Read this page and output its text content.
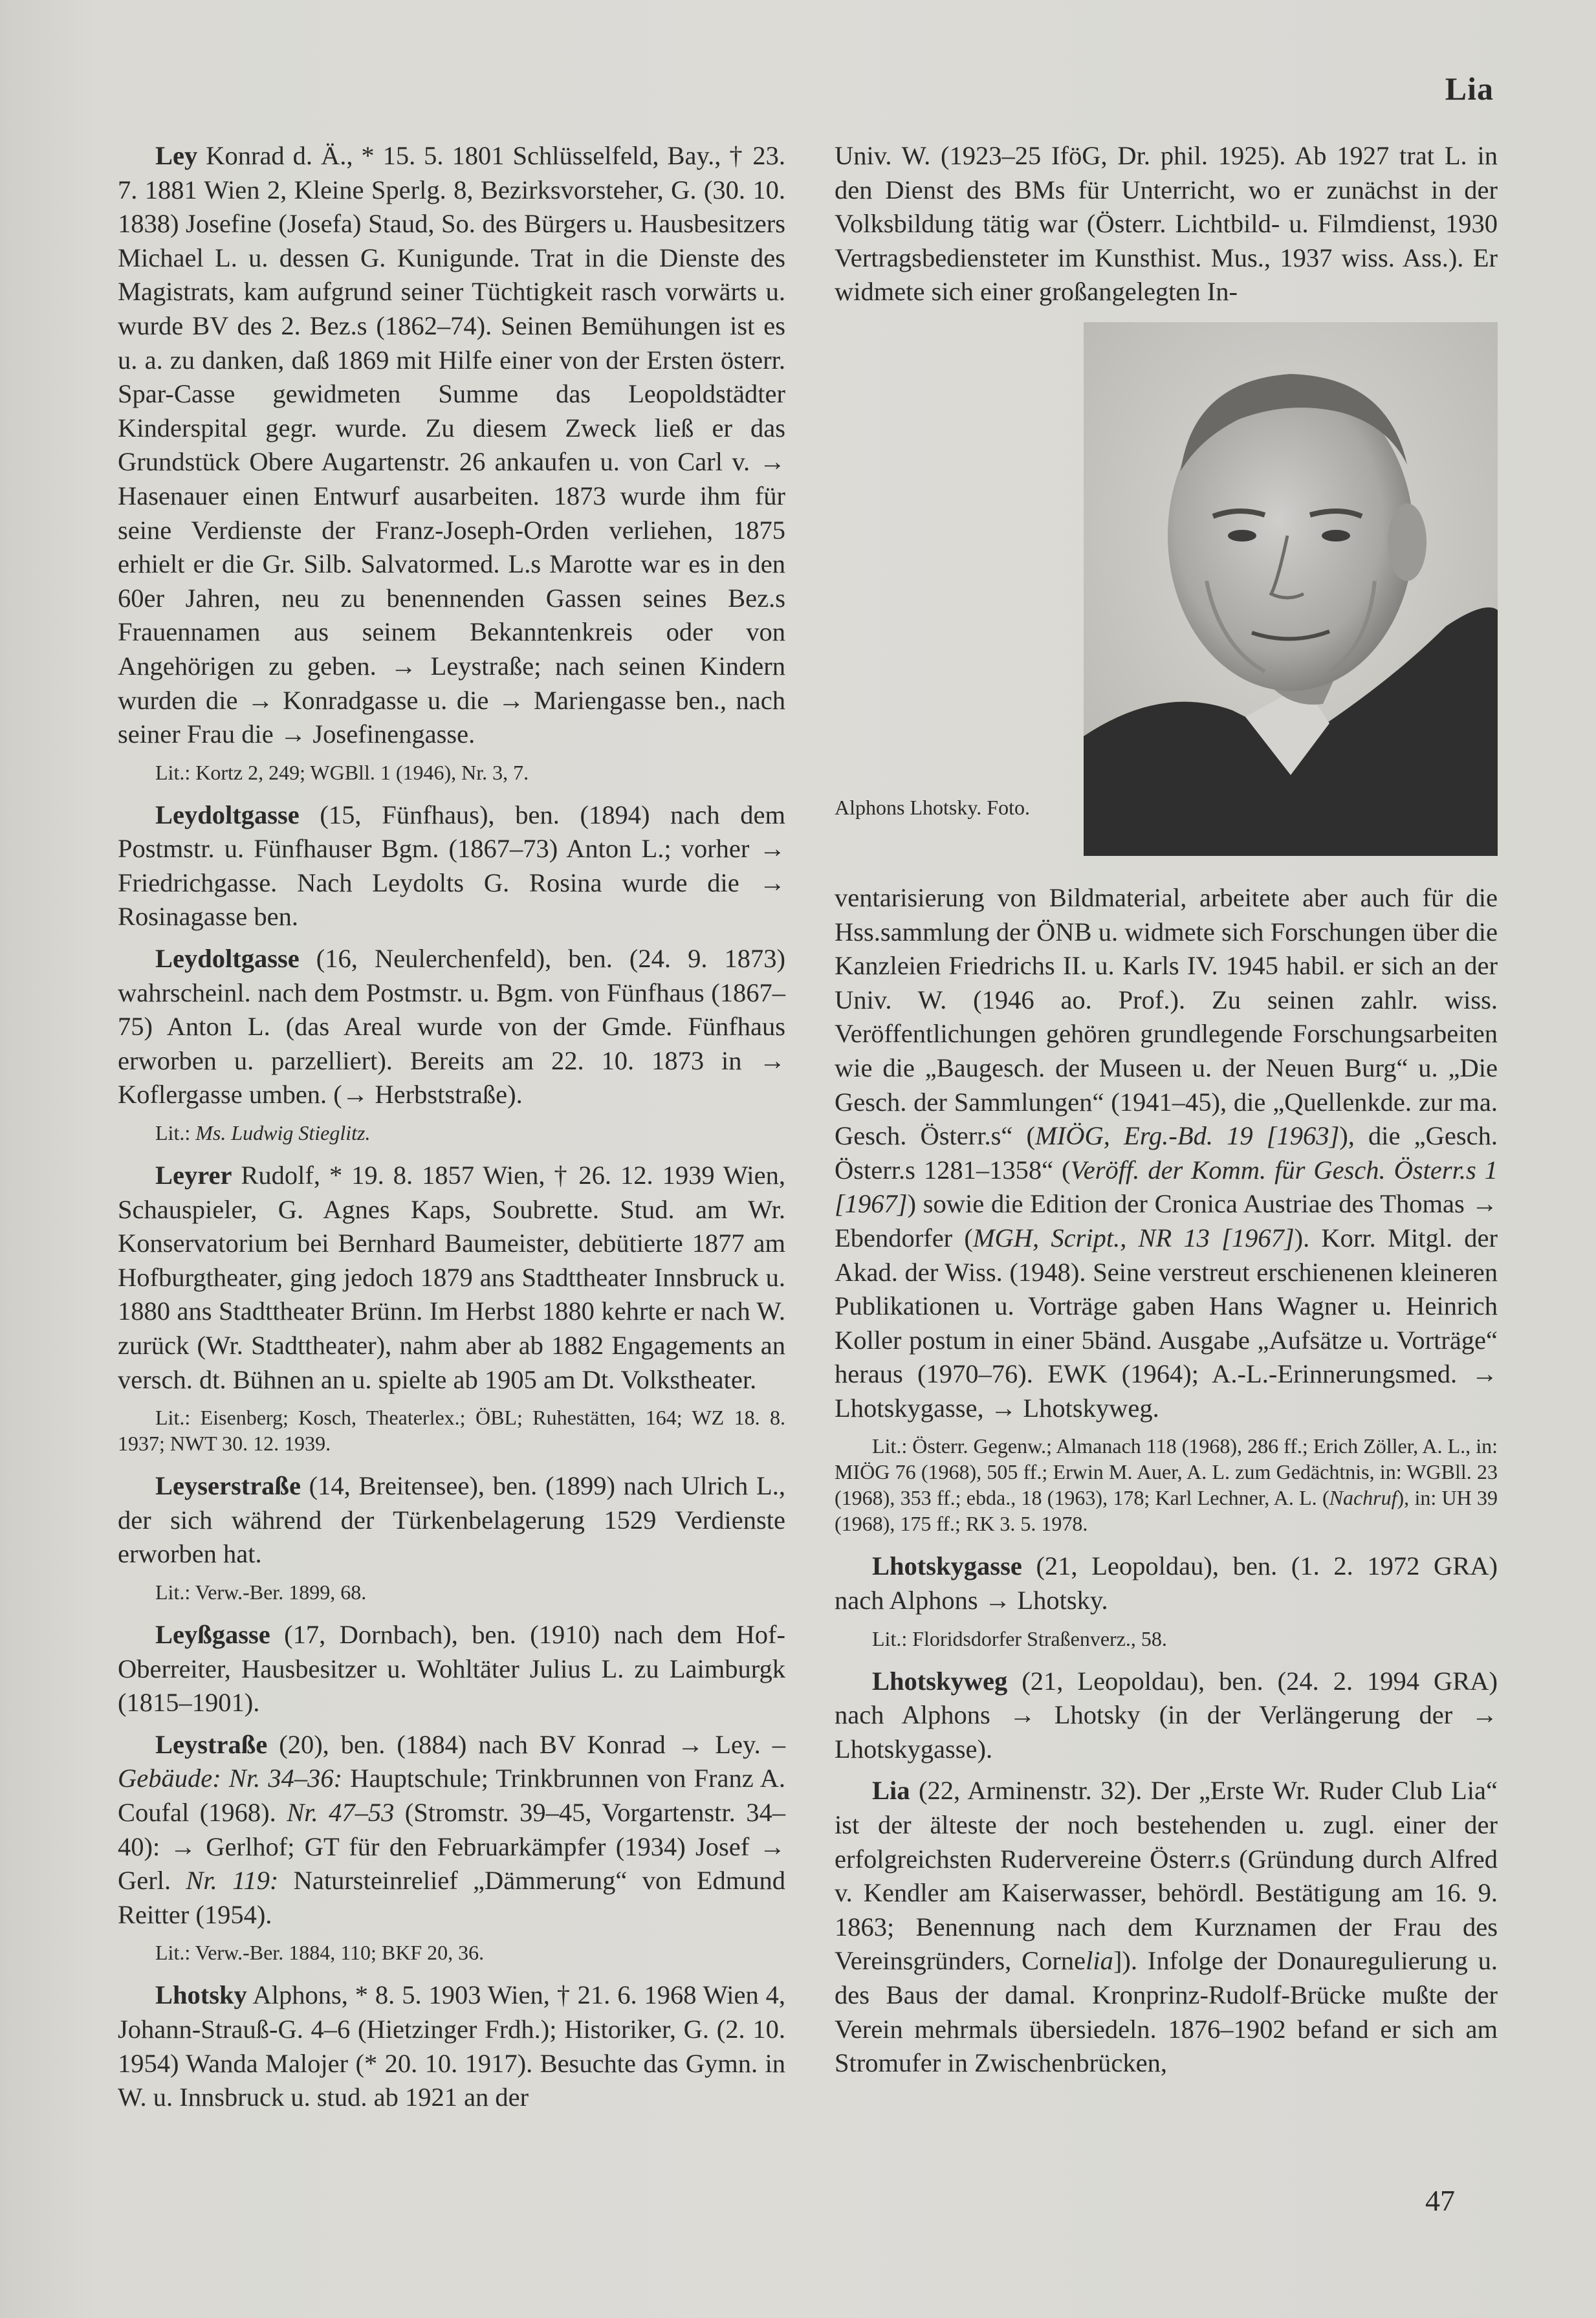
Lia

Ley Konrad d. Ä., * 15. 5. 1801 Schlüsselfeld, Bay., † 23. 7. 1881 Wien 2, Kleine Sperlg. 8, Bezirksvorsteher, G. (30. 10. 1838) Josefine (Josefa) Staud, So. des Bürgers u. Hausbesitzers Michael L. u. dessen G. Kunigunde. Trat in die Dienste des Magistrats, kam aufgrund seiner Tüchtigkeit rasch vorwärts u. wurde BV des 2. Bez.s (1862–74). Seinen Bemühungen ist es u. a. zu danken, daß 1869 mit Hilfe einer von der Ersten österr. Spar-Casse gewidmeten Summe das Leopoldstädter Kinderspital gegr. wurde. Zu diesem Zweck ließ er das Grundstück Obere Augartenstr. 26 ankaufen u. von Carl v. → Hasenauer einen Entwurf ausarbeiten. 1873 wurde ihm für seine Verdienste der Franz-Joseph-Orden verliehen, 1875 erhielt er die Gr. Silb. Salvatormed. L.s Marotte war es in den 60er Jahren, neu zu benennenden Gassen seines Bez.s Frauennamen aus seinem Bekanntenkreis oder von Angehörigen zu geben. → Leystraße; nach seinen Kindern wurden die → Konradgasse u. die → Mariengasse ben., nach seiner Frau die → Josefinengasse.

Lit.: Kortz 2, 249; WGBll. 1 (1946), Nr. 3, 7.

Leydoltgasse (15, Fünfhaus), ben. (1894) nach dem Postmstr. u. Fünfhauser Bgm. (1867–73) Anton L.; vorher → Friedrichgasse. Nach Leydolts G. Rosina wurde die → Rosinagasse ben.

Leydoltgasse (16, Neulerchenfeld), ben. (24. 9. 1873) wahrscheinl. nach dem Postmstr. u. Bgm. von Fünfhaus (1867–75) Anton L. (das Areal wurde von der Gmde. Fünfhaus erworben u. parzelliert). Bereits am 22. 10. 1873 in → Koflergasse umben. (→ Herbststraße).

Lit.: Ms. Ludwig Stieglitz.

Leyrer Rudolf, * 19. 8. 1857 Wien, † 26. 12. 1939 Wien, Schauspieler, G. Agnes Kaps, Soubrette. Stud. am Wr. Konservatorium bei Bernhard Baumeister, debütierte 1877 am Hofburgtheater, ging jedoch 1879 ans Stadttheater Innsbruck u. 1880 ans Stadttheater Brünn. Im Herbst 1880 kehrte er nach W. zurück (Wr. Stadttheater), nahm aber ab 1882 Engagements an versch. dt. Bühnen an u. spielte ab 1905 am Dt. Volkstheater.

Lit.: Eisenberg; Kosch, Theaterlex.; ÖBL; Ruhestätten, 164; WZ 18. 8. 1937; NWT 30. 12. 1939.

Leyserstraße (14, Breitensee), ben. (1899) nach Ulrich L., der sich während der Türkenbelagerung 1529 Verdienste erworben hat.

Lit.: Verw.-Ber. 1899, 68.

Leyßgasse (17, Dornbach), ben. (1910) nach dem Hof-Oberreiter, Hausbesitzer u. Wohltäter Julius L. zu Laimburgk (1815–1901).

Leystraße (20), ben. (1884) nach BV Konrad → Ley. – Gebäude: Nr. 34–36: Hauptschule; Trinkbrunnen von Franz A. Coufal (1968). Nr. 47–53 (Stromstr. 39–45, Vorgartenstr. 34–40): → Gerlhof; GT für den Februarkämpfer (1934) Josef → Gerl. Nr. 119: Natursteinrelief „Dämmerung“ von Edmund Reitter (1954).

Lit.: Verw.-Ber. 1884, 110; BKF 20, 36.

Lhotsky Alphons, * 8. 5. 1903 Wien, † 21. 6. 1968 Wien 4, Johann-Strauß-G. 4–6 (Hietzinger Frdh.); Historiker, G. (2. 10. 1954) Wanda Malojer (* 20. 10. 1917). Besuchte das Gymn. in W. u. Innsbruck u. stud. ab 1921 an der

Univ. W. (1923–25 IföG, Dr. phil. 1925). Ab 1927 trat L. in den Dienst des BMs für Unterricht, wo er zunächst in der Volksbildung tätig war (Österr. Lichtbild- u. Filmdienst, 1930 Vertragsbediensteter im Kunsthist. Mus., 1937 wiss. Ass.). Er widmete sich einer großangelegten In-

Alphons Lhotsky. Foto.

ventarisierung von Bildmaterial, arbeitete aber auch für die Hss.sammlung der ÖNB u. widmete sich Forschungen über die Kanzleien Friedrichs II. u. Karls IV. 1945 habil. er sich an der Univ. W. (1946 ao. Prof.). Zu seinen zahlr. wiss. Veröffentlichungen gehören grundlegende Forschungsarbeiten wie die „Baugesch. der Museen u. der Neuen Burg“ u. „Die Gesch. der Sammlungen“ (1941–45), die „Quellenkde. zur ma. Gesch. Österr.s“ (MIÖG, Erg.-Bd. 19 [1963]), die „Gesch. Österr.s 1281–1358“ (Veröff. der Komm. für Gesch. Österr.s 1 [1967]) sowie die Edition der Cronica Austriae des Thomas → Ebendorfer (MGH, Script., NR 13 [1967]). Korr. Mitgl. der Akad. der Wiss. (1948). Seine verstreut erschienenen kleineren Publikationen u. Vorträge gaben Hans Wagner u. Heinrich Koller postum in einer 5bänd. Ausgabe „Aufsätze u. Vorträge“ heraus (1970–76). EWK (1964); A.-L.-Erinnerungsmed. → Lhotskygasse, → Lhotskyweg.

Lit.: Österr. Gegenw.; Almanach 118 (1968), 286 ff.; Erich Zöller, A. L., in: MIÖG 76 (1968), 505 ff.; Erwin M. Auer, A. L. zum Gedächtnis, in: WGBll. 23 (1968), 353 ff.; ebda., 18 (1963), 178; Karl Lechner, A. L. (Nachruf), in: UH 39 (1968), 175 ff.; RK 3. 5. 1978.

Lhotskygasse (21, Leopoldau), ben. (1. 2. 1972 GRA) nach Alphons → Lhotsky.

Lit.: Floridsdorfer Straßenverz., 58.

Lhotskyweg (21, Leopoldau), ben. (24. 2. 1994 GRA) nach Alphons → Lhotsky (in der Verlängerung der → Lhotskygasse).

Lia (22, Arminenstr. 32). Der „Erste Wr. Ruder Club Lia“ ist der älteste der noch bestehenden u. zugl. einer der erfolgreichsten Rudervereine Österr.s (Gründung durch Alfred v. Kendler am Kaiserwasser, behördl. Bestätigung am 16. 9. 1863; Benennung nach dem Kurznamen der Frau des Vereinsgründers, Cornelia]). Infolge der Donauregulierung u. des Baus der damal. Kronprinz-Rudolf-Brücke mußte der Verein mehrmals übersiedeln. 1876–1902 befand er sich am Stromufer in Zwischenbrücken,

47
